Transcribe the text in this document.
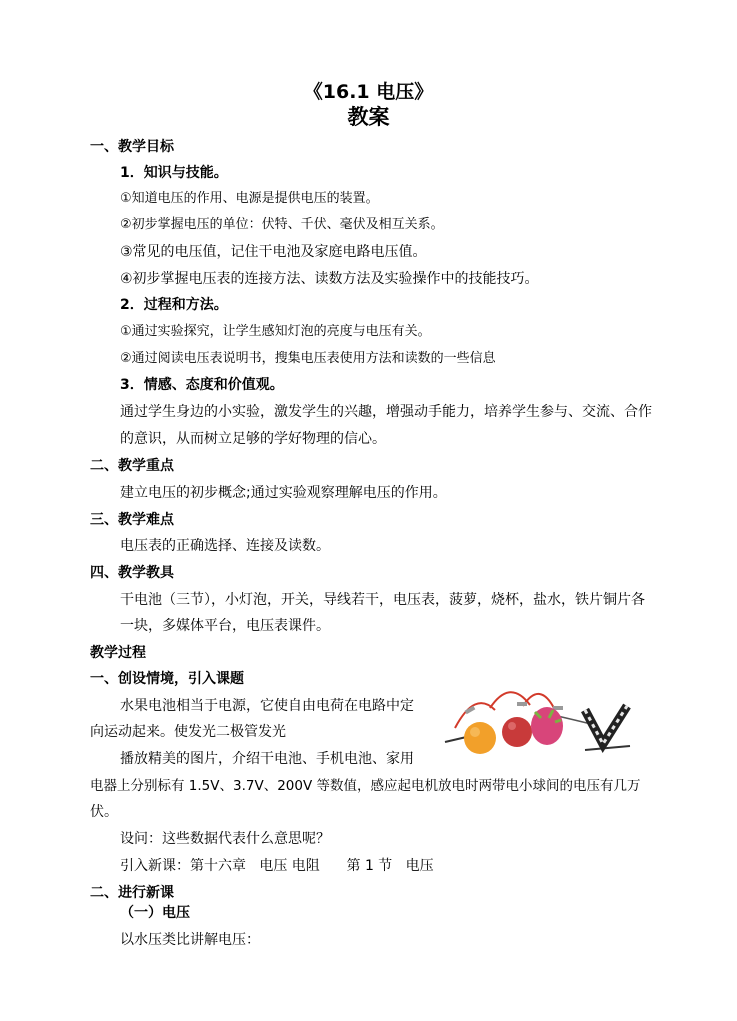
《16.1 电压》
教案
一、教学目标
1．知识与技能。
①知道电压的作用、电源是提供电压的装置。
②初步掌握电压的单位：伏特、千伏、毫伏及相互关系。
③常见的电压值，记住干电池及家庭电路电压值。
④初步掌握电压表的连接方法、读数方法及实验操作中的技能技巧。
2．过程和方法。
①通过实验探究，让学生感知灯泡的亮度与电压有关。
②通过阅读电压表说明书，搜集电压表使用方法和读数的一些信息
3．情感、态度和价值观。
通过学生身边的小实验，激发学生的兴趣，增强动手能力，培养学生参与、交流、合作
的意识，从而树立足够的学好物理的信心。
二、教学重点
建立电压的初步概念;通过实验观察理解电压的作用。
三、教学难点
电压表的正确选择、连接及读数。
四、教学教具
干电池（三节），小灯泡，开关，导线若干，电压表，菠萝，烧杯，盐水，铁片铜片各
一块，多媒体平台，电压表课件。
教学过程
一、创设情境，引入课题
水果电池相当于电源，它使自由电荷在电路中定
向运动起来。使发光二极管发光
播放精美的图片，介绍干电池、手机电池、家用
电器上分别标有 1.5V、3.7V、200V 等数值，感应起电机放电时两带电小球间的电压有几万
伏。
设问：这些数据代表什么意思呢？
引入新课：第十六章   电压 电阻      第 1 节   电压
二、进行新课
（一）电压
以水压类比讲解电压：
